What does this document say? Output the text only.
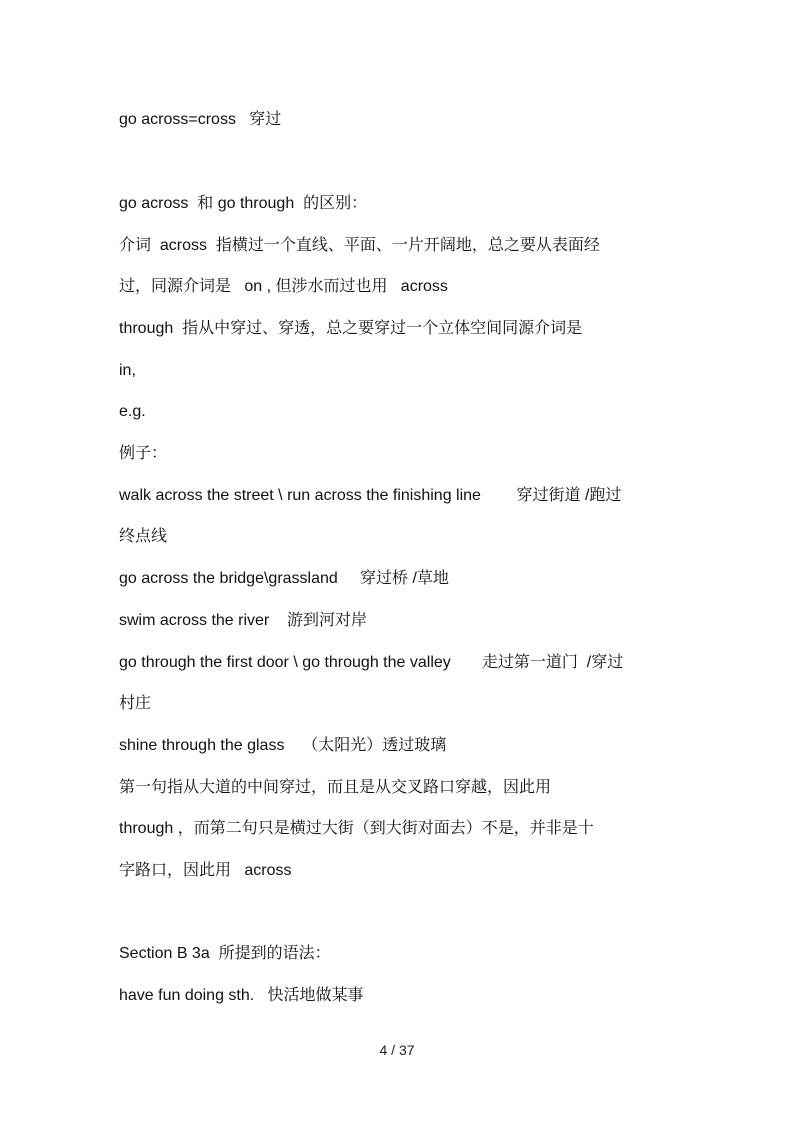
go across=cross   穿过
go across  和 go through  的区别：
介词  across  指横过一个直线、平面、一片开阔地，总之要从表面经
过，同源介词是   on , 但涉水而过也用   across
through  指从中穿过、穿透，总之要穿过一个立体空间同源介词是
in,
e.g.
例子：
walk across the street \ run across the finishing line        穿过街道 /跑过
终点线
go across the bridge\grassland     穿过桥 /草地
swim across the river    游到河对岸
go through the first door \ go through the valley       走过第一道门  /穿过
村庄
shine through the glass    （太阳光）透过玻璃
第一句指从大道的中间穿过，而且是从交叉路口穿越，因此用
through ，而第二句只是横过大街（到大街对面去）不是，并非是十
字路口，因此用   across
Section B 3a  所提到的语法：
have fun doing sth.   快活地做某事
4 / 37
